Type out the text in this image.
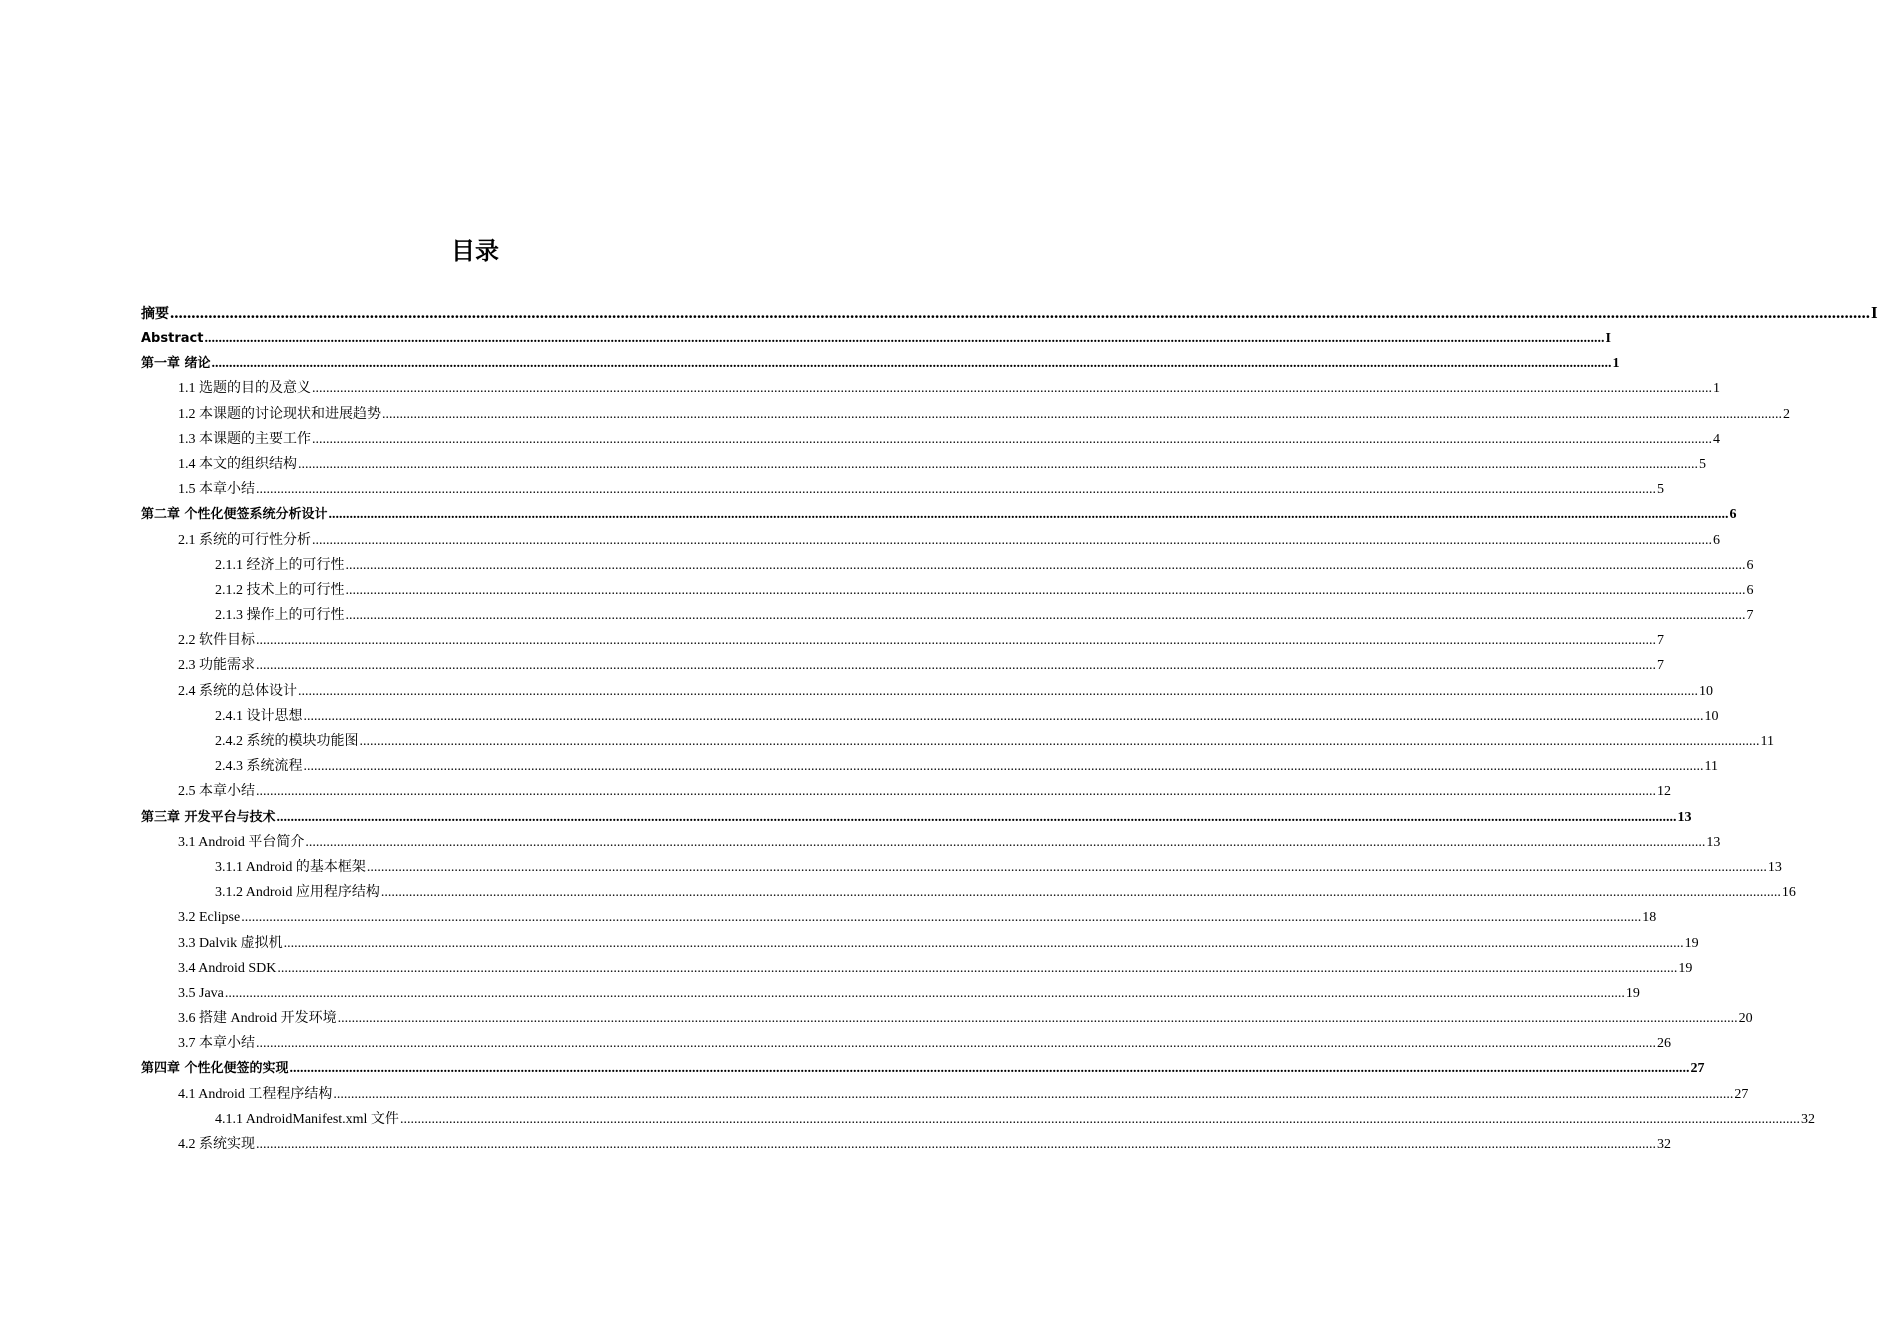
目录
摘要 ................................................................................................................................................................................................................................................................................................................................................................................................................ I
Abstract ................................................................................................................................................................................................................................................................................................................................................................................................................ I
第一章 绪论 ................................................................................................................................................................................................................................................................................................................................................................................................................ 1
1.1 选题的目的及意义 ................................................................................................................................................................................................................................................................................................................................................................................................................ 1
1.2 本课题的讨论现状和进展趋势 ................................................................................................................................................................................................................................................................................................................................................................................................................ 2
1.3 本课题的主要工作 ................................................................................................................................................................................................................................................................................................................................................................................................................ 4
1.4 本文的组织结构 ................................................................................................................................................................................................................................................................................................................................................................................................................ 5
1.5 本章小结 ................................................................................................................................................................................................................................................................................................................................................................................................................ 5
第二章 个性化便签系统分析设计 ................................................................................................................................................................................................................................................................................................................................................................................................................ 6
2.1 系统的可行性分析 ................................................................................................................................................................................................................................................................................................................................................................................................................ 6
2.1.1 经济上的可行性 ................................................................................................................................................................................................................................................................................................................................................................................................................ 6
2.1.2 技术上的可行性 ................................................................................................................................................................................................................................................................................................................................................................................................................ 6
2.1.3 操作上的可行性 ................................................................................................................................................................................................................................................................................................................................................................................................................ 7
2.2 软件目标 ................................................................................................................................................................................................................................................................................................................................................................................................................ 7
2.3 功能需求 ................................................................................................................................................................................................................................................................................................................................................................................................................ 7
2.4 系统的总体设计 ................................................................................................................................................................................................................................................................................................................................................................................................................ 10
2.4.1 设计思想 ................................................................................................................................................................................................................................................................................................................................................................................................................ 10
2.4.2 系统的模块功能图 ................................................................................................................................................................................................................................................................................................................................................................................................................ 11
2.4.3 系统流程 ................................................................................................................................................................................................................................................................................................................................................................................................................ 11
2.5 本章小结 ................................................................................................................................................................................................................................................................................................................................................................................................................ 12
第三章 开发平台与技术 ................................................................................................................................................................................................................................................................................................................................................................................................................ 13
3.1 Android 平台简介 ................................................................................................................................................................................................................................................................................................................................................................................................................ 13
3.1.1 Android 的基本框架 ................................................................................................................................................................................................................................................................................................................................................................................................................ 13
3.1.2 Android 应用程序结构 ................................................................................................................................................................................................................................................................................................................................................................................................................ 16
3.2 Eclipse ................................................................................................................................................................................................................................................................................................................................................................................................................ 18
3.3 Dalvik 虚拟机 ................................................................................................................................................................................................................................................................................................................................................................................................................ 19
3.4 Android SDK ................................................................................................................................................................................................................................................................................................................................................................................................................ 19
3.5 Java ................................................................................................................................................................................................................................................................................................................................................................................................................ 19
3.6 搭建 Android 开发环境 ................................................................................................................................................................................................................................................................................................................................................................................................................ 20
3.7 本章小结 ................................................................................................................................................................................................................................................................................................................................................................................................................ 26
第四章 个性化便签的实现 ................................................................................................................................................................................................................................................................................................................................................................................................................ 27
4.1 Android 工程程序结构 ................................................................................................................................................................................................................................................................................................................................................................................................................ 27
4.1.1 AndroidManifest.xml 文件 ................................................................................................................................................................................................................................................................................................................................................................................................................ 32
4.2 系统实现 ................................................................................................................................................................................................................................................................................................................................................................................................................ 32
